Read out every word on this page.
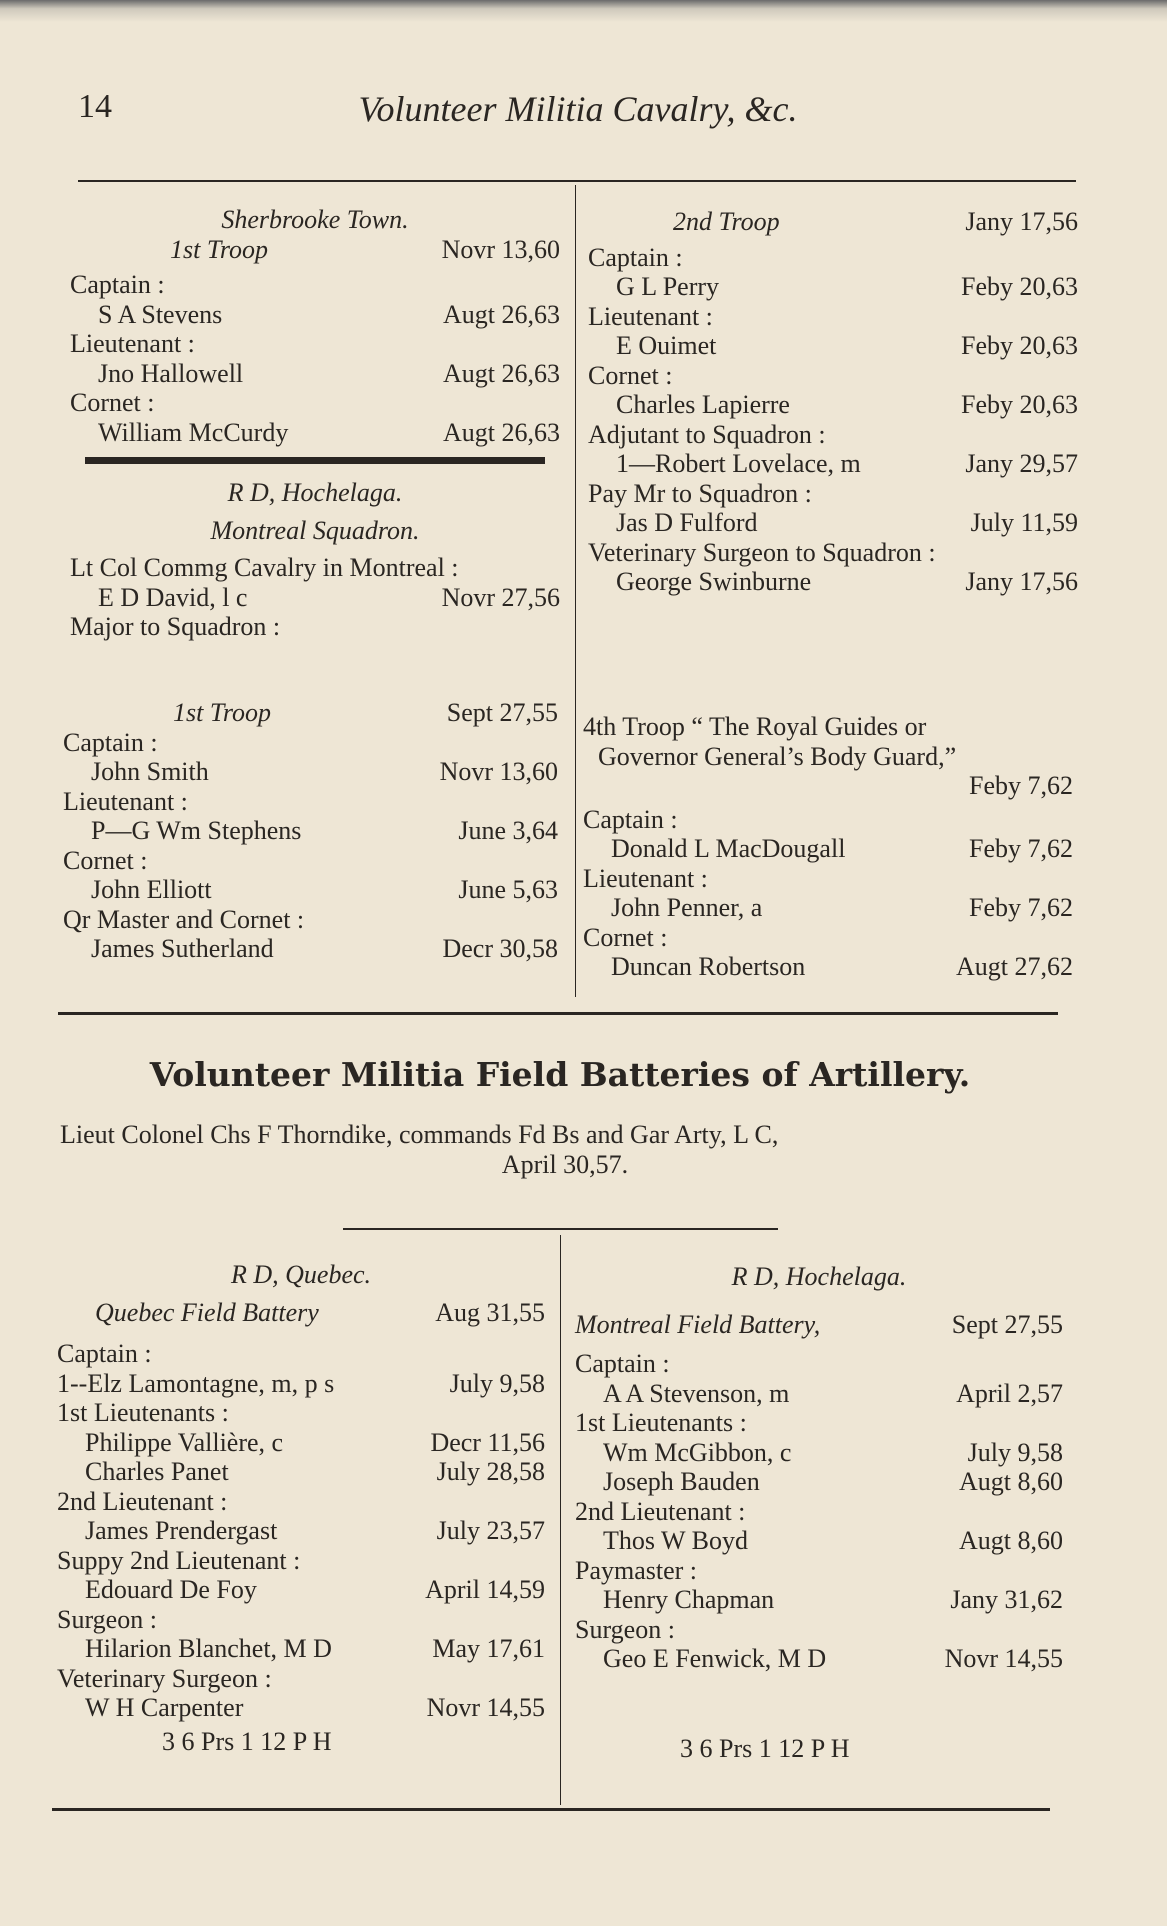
14	Volunteer Militia Cavalry, &c.
Sherbrooke Town.
1st Troop	Novr 13,60
Captain :
S A Stevens	Augt 26,63
Lieutenant :
Jno Hallowell	Augt 26,63
Cornet :
William McCurdy	Augt 26,63
R D, Hochelaga.
Montreal Squadron.
Lt Col Commg Cavalry in Montreal :
E D David, l c	Novr 27,56
Major to Squadron :
2nd Troop	Jany 17,56
Captain :
G L Perry	Feby 20,63
Lieutenant :
E Ouimet	Feby 20,63
Cornet :
Charles Lapierre	Feby 20,63
Adjutant to Squadron :
1—Robert Lovelace, m	Jany 29,57
Pay Mr to Squadron :
Jas D Fulford	July 11,59
Veterinary Surgeon to Squadron :
George Swinburne	Jany 17,56
1st Troop	Sept 27,55
Captain :
John Smith	Novr 13,60
Lieutenant :
P—G Wm Stephens	June 3,64
Cornet :
John Elliott	June 5,63
Qr Master and Cornet :
James Sutherland	Decr 30,58
4th Troop “ The Royal Guides or
Governor General’s Body Guard,”
Feby 7,62
Captain :
Donald L MacDougall	Feby 7,62
Lieutenant :
John Penner, a	Feby 7,62
Cornet :
Duncan Robertson	Augt 27,62
Volunteer Militia Field Batteries of Artillery.
Lieut Colonel Chs F Thorndike, commands Fd Bs and Gar Arty, L C,
April 30,57.
R D, Quebec.
Quebec Field Battery	Aug 31,55
Captain :
1--Elz Lamontagne, m, p s	July 9,58
1st Lieutenants :
Philippe Vallière, c	Decr 11,56
Charles Panet	July 28,58
2nd Lieutenant :
James Prendergast	July 23,57
Suppy 2nd Lieutenant :
Edouard De Foy	April 14,59
Surgeon :
Hilarion Blanchet, M D	May 17,61
Veterinary Surgeon :
W H Carpenter	Novr 14,55
3 6 Prs 1 12 P H
R D, Hochelaga.
Montreal Field Battery,	Sept 27,55
Captain :
A A Stevenson, m	April 2,57
1st Lieutenants :
Wm McGibbon, c	July 9,58
Joseph Bauden	Augt 8,60
2nd Lieutenant :
Thos W Boyd	Augt 8,60
Paymaster :
Henry Chapman	Jany 31,62
Surgeon :
Geo E Fenwick, M D	Novr 14,55
3 6 Prs 1 12 P H
